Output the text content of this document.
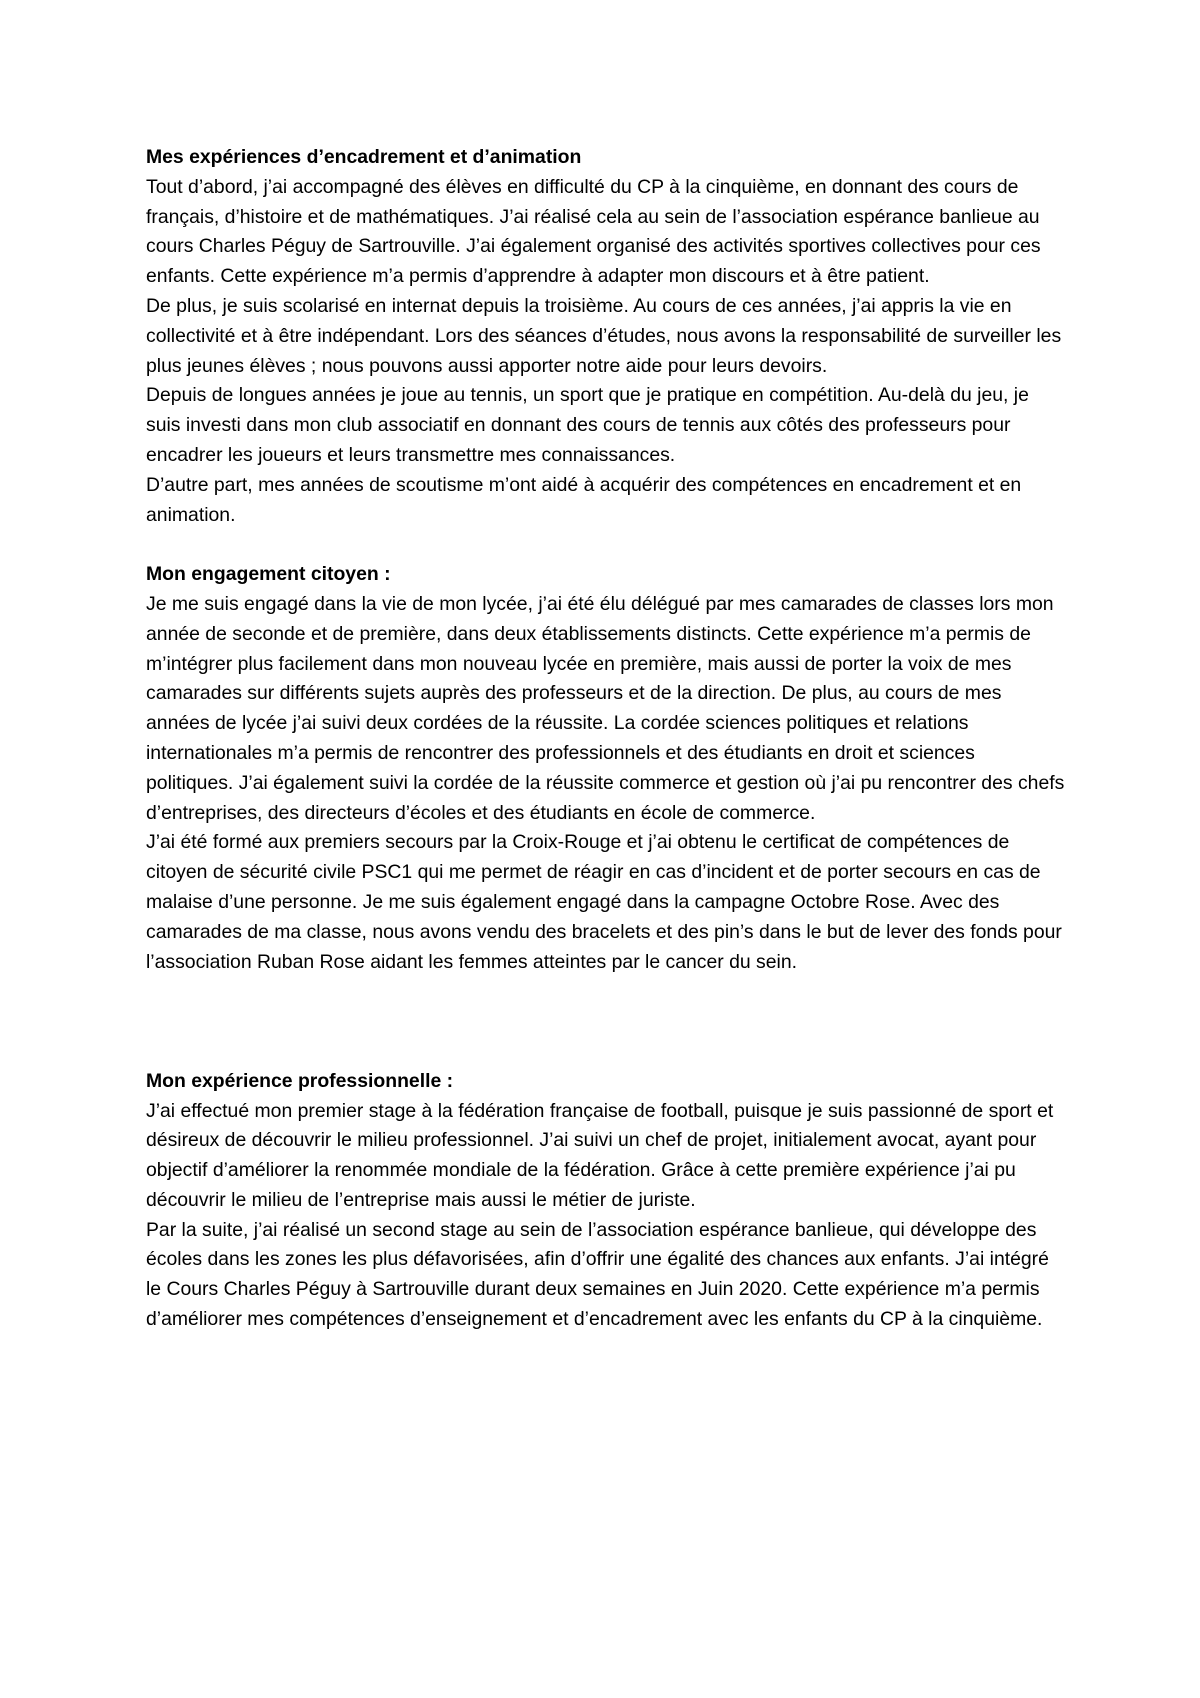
Mes expériences d’encadrement et d’animation

Tout d’abord, j’ai accompagné des élèves en difficulté du CP à la cinquième, en donnant des cours de français, d’histoire et de mathématiques. J’ai réalisé cela au sein de l’association espérance banlieue au cours Charles Péguy de Sartrouville. J’ai également organisé des activités sportives collectives pour ces enfants. Cette expérience m’a permis d’apprendre à adapter mon discours et à être patient.

De plus, je suis scolarisé en internat depuis la troisième. Au cours de ces années, j’ai appris la vie en collectivité et à être indépendant. Lors des séances d’études, nous avons la responsabilité de surveiller les plus jeunes élèves ; nous pouvons aussi apporter notre aide pour leurs devoirs.

Depuis de longues années je joue au tennis, un sport que je pratique en compétition. Au-delà du jeu, je suis investi dans mon club associatif en donnant des cours de tennis aux côtés des professeurs pour encadrer les joueurs et leurs transmettre mes connaissances.

D’autre part, mes années de scoutisme m’ont aidé à acquérir des compétences en encadrement et en animation.

Mon engagement citoyen :

Je me suis engagé dans la vie de mon lycée, j’ai été élu délégué par mes camarades de classes lors mon année de seconde et de première, dans deux établissements distincts. Cette expérience m’a permis de m’intégrer plus facilement dans mon nouveau lycée en première, mais aussi de porter la voix de mes camarades sur différents sujets auprès des professeurs et de la direction. De plus, au cours de mes années de lycée j’ai suivi deux cordées de la réussite. La cordée sciences politiques et relations internationales m’a permis de rencontrer des professionnels et des étudiants en droit et sciences politiques. J’ai également suivi la cordée de la réussite commerce et gestion où j’ai pu rencontrer des chefs d’entreprises, des directeurs d’écoles et des étudiants en école de commerce.

J’ai été formé aux premiers secours par la Croix-Rouge et j’ai obtenu le certificat de compétences de citoyen de sécurité civile PSC1 qui me permet de réagir en cas d’incident et de porter secours en cas de malaise d’une personne. Je me suis également engagé dans la campagne Octobre Rose. Avec des camarades de ma classe, nous avons vendu des bracelets et des pin’s dans le but de lever des fonds pour l’association Ruban Rose aidant les femmes atteintes par le cancer du sein.

Mon expérience professionnelle :

J’ai effectué mon premier stage à la fédération française de football, puisque je suis passionné de sport et désireux de découvrir le milieu professionnel. J’ai suivi un chef de projet, initialement avocat, ayant pour objectif d’améliorer la renommée mondiale de la fédération. Grâce à cette première expérience j’ai pu découvrir le milieu de l’entreprise mais aussi le métier de juriste.

Par la suite, j’ai réalisé un second stage au sein de l’association espérance banlieue, qui développe des écoles dans les zones les plus défavorisées, afin d’offrir une égalité des chances aux enfants. J’ai intégré le Cours Charles Péguy à Sartrouville durant deux semaines en Juin 2020. Cette expérience m’a permis d’améliorer mes compétences d’enseignement et d’encadrement avec les enfants du CP à la cinquième.
